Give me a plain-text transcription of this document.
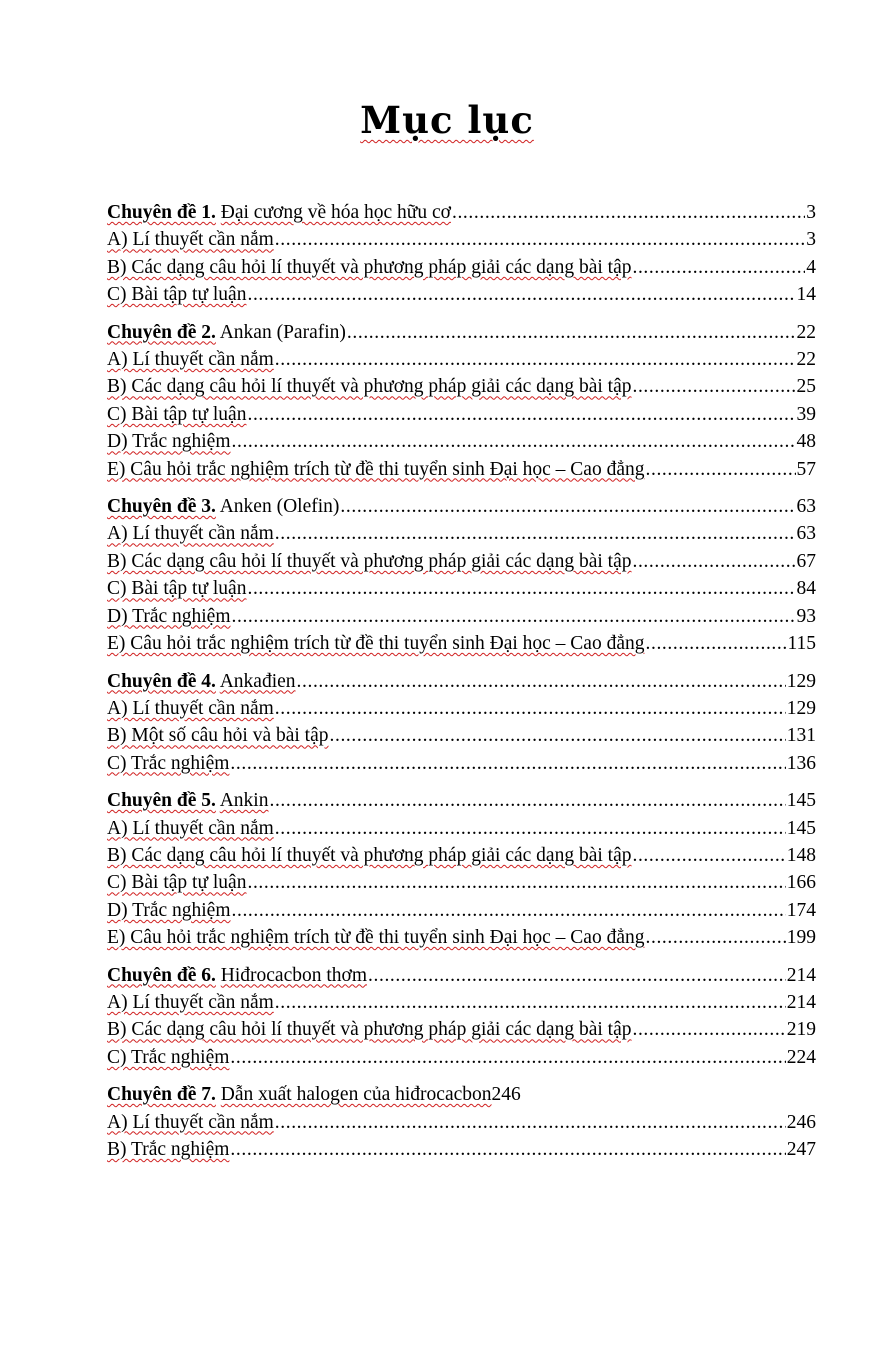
Mục lục
Chuyên đề 1. Đại cương về hóa học hữu cơ .....	3
A) Lí thuyết cần nắm .....	3
B) Các dạng câu hỏi lí thuyết và phương pháp giải các dạng bài tập .....	4
C) Bài tập tự luận .....	14
Chuyên đề 2. Ankan (Parafin) .....	22
A) Lí thuyết cần nắm .....	22
B) Các dạng câu hỏi lí thuyết và phương pháp giải các dạng bài tập .....	25
C) Bài tập tự luận .....	39
D) Trắc nghiệm .....	48
E) Câu hỏi trắc nghiệm trích từ đề thi tuyển sinh Đại học – Cao đẳng .....	57
Chuyên đề 3. Anken (Olefin) .....	63
A) Lí thuyết cần nắm .....	63
B) Các dạng câu hỏi lí thuyết và phương pháp giải các dạng bài tập .....	67
C) Bài tập tự luận .....	84
D) Trắc nghiệm .....	93
E) Câu hỏi trắc nghiệm trích từ đề thi tuyển sinh Đại học – Cao đẳng .....	115
Chuyên đề 4. Ankađien .....	129
A) Lí thuyết cần nắm .....	129
B) Một số câu hỏi và bài tập .....	131
C) Trắc nghiệm .....	136
Chuyên đề 5. Ankin .....	145
A) Lí thuyết cần nắm .....	145
B) Các dạng câu hỏi lí thuyết và phương pháp giải các dạng bài tập .....	148
C) Bài tập tự luận .....	166
D) Trắc nghiệm .....	174
E) Câu hỏi trắc nghiệm trích từ đề thi tuyển sinh Đại học – Cao đẳng .....	199
Chuyên đề 6. Hiđrocacbon thơm .....	214
A) Lí thuyết cần nắm .....	214
B) Các dạng câu hỏi lí thuyết và phương pháp giải các dạng bài tập .....	219
C) Trắc nghiệm .....	224
Chuyên đề 7. Dẫn xuất halogen của hiđrocacbon 246
A) Lí thuyết cần nắm .....	246
B) Trắc nghiệm .....	247
